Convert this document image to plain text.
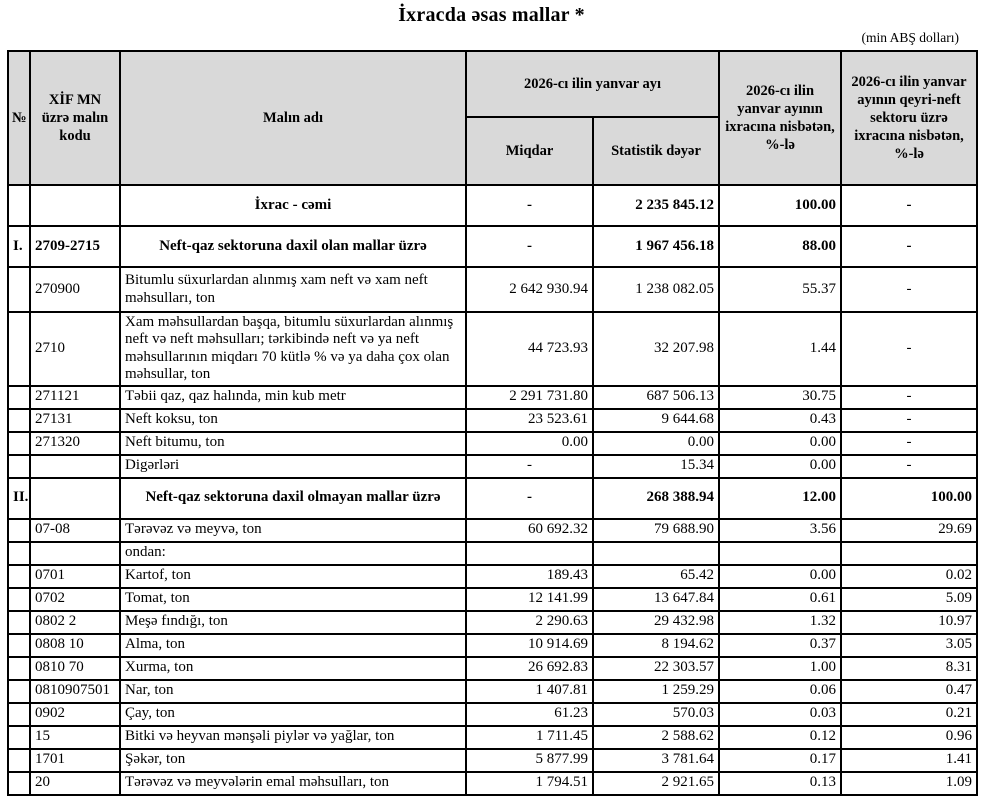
İxracda əsas mallar *
(min ABŞ dolları)
№	XİF MN üzrə malın kodu	Malın adı	2026-cı ilin yanvar ayı		2026-cı ilin yanvar ayının ixracına nisbətən, %-lə	2026-cı ilin yanvar ayının qeyri-neft sektoru üzrə ixracına nisbətən, %-lə
			Miqdar	Statistik dəyər		
		İxrac - cəmi	-	2 235 845.12	100.00	-
I.	2709-2715	Neft-qaz sektoruna daxil olan mallar üzrə	-	1 967 456.18	88.00	-
	270900	Bitumlu süxurlardan alınmış xam neft və xam neft məhsulları, ton	2 642 930.94	1 238 082.05	55.37	-
	2710	Xam məhsullardan başqa, bitumlu süxurlardan alınmış neft və neft məhsulları; tərkibində neft və ya neft məhsullarının miqdarı 70 kütlə % və ya daha çox olan məhsullar, ton	44 723.93	32 207.98	1.44	-
	271121	Təbii qaz, qaz halında, min kub metr	2 291 731.80	687 506.13	30.75	-
	27131	Neft koksu, ton	23 523.61	9 644.68	0.43	-
	271320	Neft bitumu, ton	0.00	0.00	0.00	-
		Digərləri	-	15.34	0.00	-
II.		Neft-qaz sektoruna daxil olmayan mallar üzrə	-	268 388.94	12.00	100.00
	07-08	Tərəvəz və meyvə, ton	60 692.32	79 688.90	3.56	29.69
		ondan:				
	0701	Kartof, ton	189.43	65.42	0.00	0.02
	0702	Tomat, ton	12 141.99	13 647.84	0.61	5.09
	0802 2	Meşə fındığı, ton	2 290.63	29 432.98	1.32	10.97
	0808 10	Alma, ton	10 914.69	8 194.62	0.37	3.05
	0810 70	Xurma, ton	26 692.83	22 303.57	1.00	8.31
	0810907501	Nar, ton	1 407.81	1 259.29	0.06	0.47
	0902	Çay, ton	61.23	570.03	0.03	0.21
	15	Bitki və heyvan mənşəli piylər və yağlar, ton	1 711.45	2 588.62	0.12	0.96
	1701	Şəkər, ton	5 877.99	3 781.64	0.17	1.41
	20	Tərəvəz və meyvələrin emal məhsulları, ton	1 794.51	2 921.65	0.13	1.09
